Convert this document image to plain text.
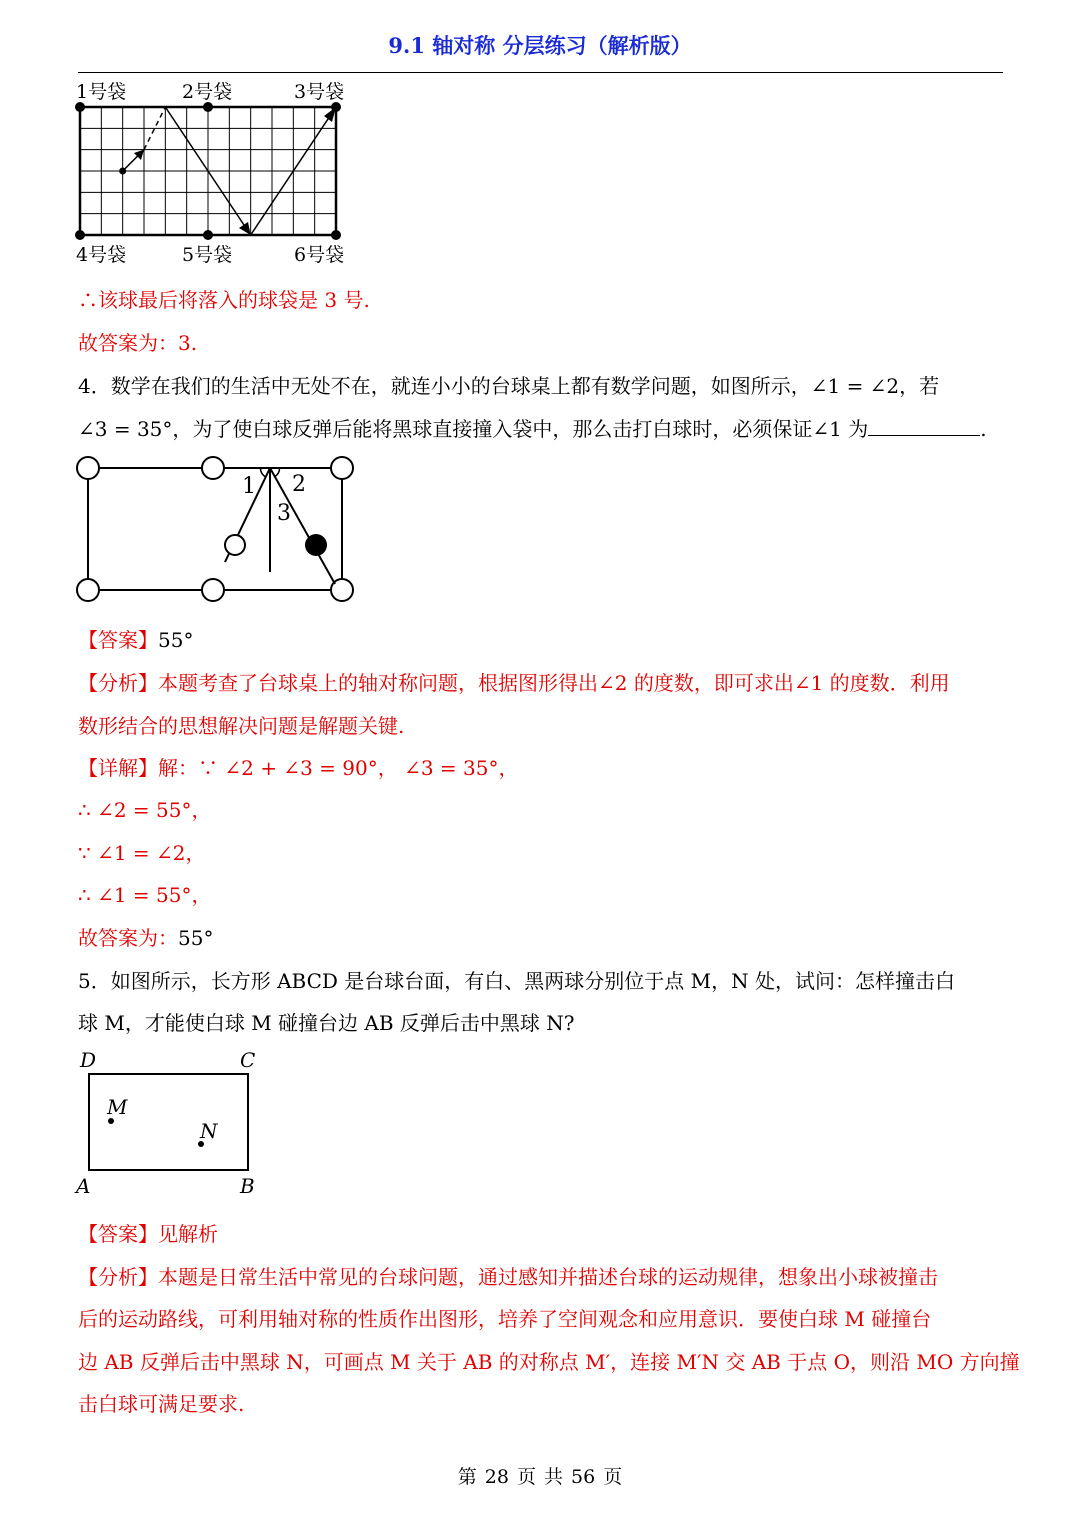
9.1 轴对称 分层练习（解析版）
1号袋	2号袋	3号袋
4号袋	5号袋	6号袋
∴该球最后将落入的球袋是 3 号.
故答案为：3.
4．数学在我们的生活中无处不在，就连小小的台球桌上都有数学问题，如图所示，∠1 = ∠2，若
∠3 = 35°，为了使白球反弹后能将黑球直接撞入袋中，那么击打白球时，必须保证∠1 为	.
1 2
3
【答案】55°
【分析】本题考查了台球桌上的轴对称问题，根据图形得出∠2 的度数，即可求出∠1 的度数．利用
数形结合的思想解决问题是解题关键.
【详解】解：∵ ∠2 + ∠3 = 90°， ∠3 = 35°，
∴ ∠2 = 55°，
∵ ∠1 = ∠2，
∴ ∠1 = 55°，
故答案为：55°
5．如图所示，长方形 ABCD 是台球台面，有白、黑两球分别位于点 M，N 处，试问：怎样撞击白
球 M，才能使白球 M 碰撞台边 AB 反弹后击中黑球 N?
D	C
A	B
M
N
【答案】见解析
【分析】本题是日常生活中常见的台球问题，通过感知并描述台球的运动规律，想象出小球被撞击
后的运动路线，可利用轴对称的性质作出图形，培养了空间观念和应用意识．要使白球 M 碰撞台
边 AB 反弹后击中黑球 N，可画点 M 关于 AB 的对称点 M′，连接 M′N 交 AB 于点 O，则沿 MO 方向撞
击白球可满足要求.
第 28 页 共 56 页
